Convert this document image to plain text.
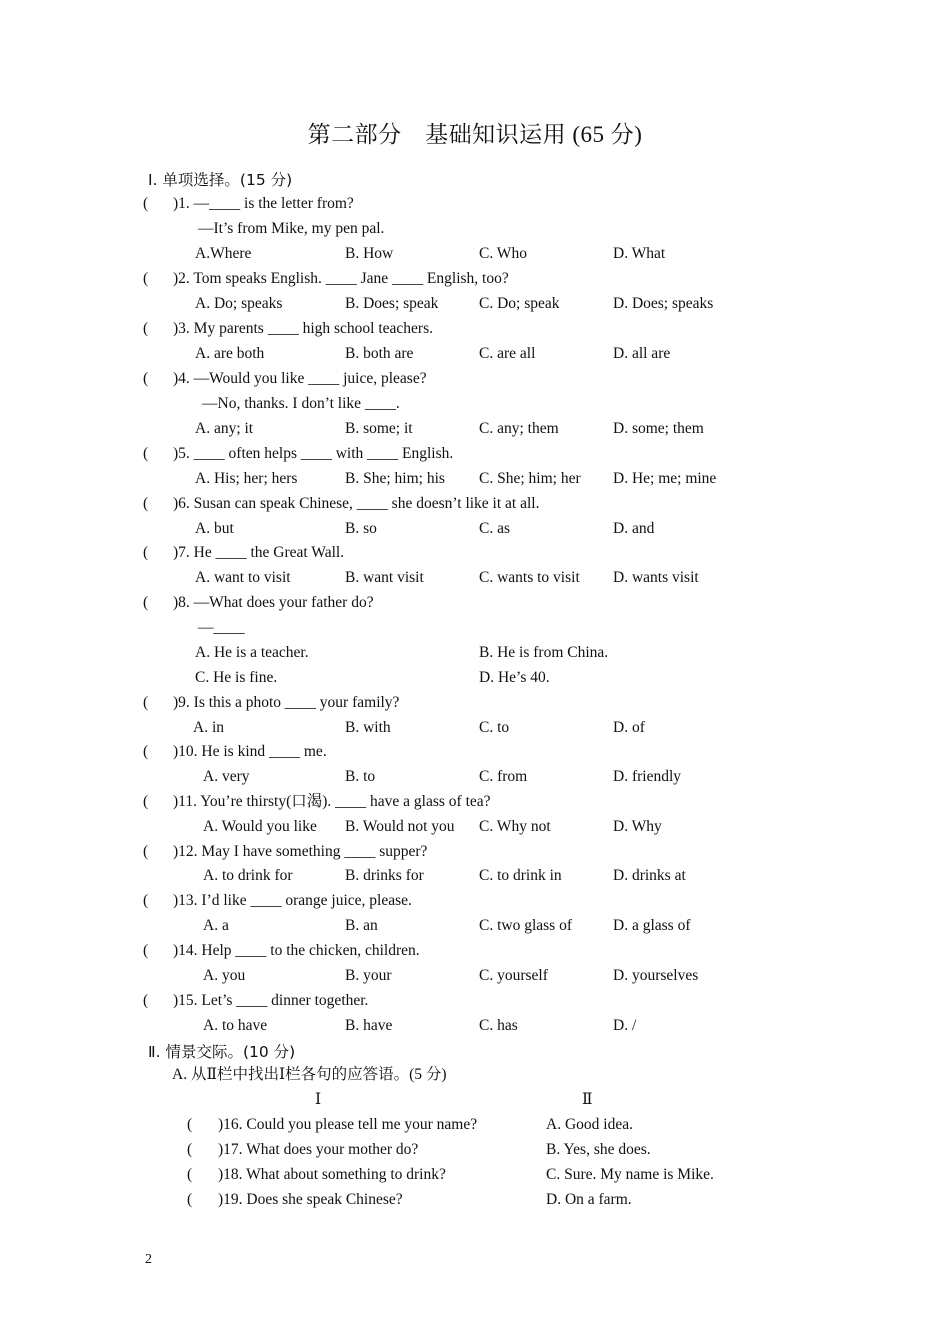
第二部分　基础知识运用 (65 分)
Ⅰ. 单项选择。(15 分)
( )1. —____ is the letter from?
—It’s from Mike, my pen pal.
A.Where	B. How	C. Who	D. What
( )2. Tom speaks English. ____ Jane ____ English, too?
A. Do; speaks	B. Does; speak	C. Do; speak	D. Does; speaks
( )3. My parents ____ high school teachers.
A. are both	B. both are	C. are all	D. all are
( )4. —Would you like ____ juice, please?
—No, thanks. I don’t like ____.
A. any; it	B. some; it	C. any; them	D. some; them
( )5. ____ often helps ____ with ____ English.
A. His; her; hers	B. She; him; his C. She; him; her D. He; me; mine
( )6. Susan can speak Chinese, ____ she doesn’t like it at all.
A. but	B. so	C. as	D. and
( )7. He ____ the Great Wall.
A. want to visit	B. want visit	C. wants to visit D. wants visit
( )8. —What does your father do?
—____
A. He is a teacher.	B. He is from China.
C. He is fine.	D. He’s 40.
( )9. Is this a photo ____ your family?
A. in	B. with	C. to	D. of
( )10. He is kind ____ me.
A. very	B. to	C. from	D. friendly
( )11. You’re thirsty(口渴). ____ have a glass of tea?
A. Would you like B. Would not you C. Why not	D. Why
( )12. May I have something ____ supper?
A. to drink for	B. drinks for	C. to drink in	D. drinks at
( )13. I’d like ____ orange juice, please.
A. a	B. an	C. two glass of	D. a glass of
( )14. Help ____ to the chicken, children.
A. you	B. your	C. yourself	D. yourselves
( )15. Let’s ____ dinner together.
A. to have	B. have	C. has	D. /
Ⅱ. 情景交际。(10 分)
A. 从Ⅱ栏中找出Ⅰ栏各句的应答语。(5 分)
Ⅰ	Ⅱ
( )16. Could you please tell me your name?	A. Good idea.
( )17. What does your mother do?	B. Yes, she does.
( )18. What about something to drink?	C. Sure. My name is Mike.
( )19. Does she speak Chinese?	D. On a farm.
2
